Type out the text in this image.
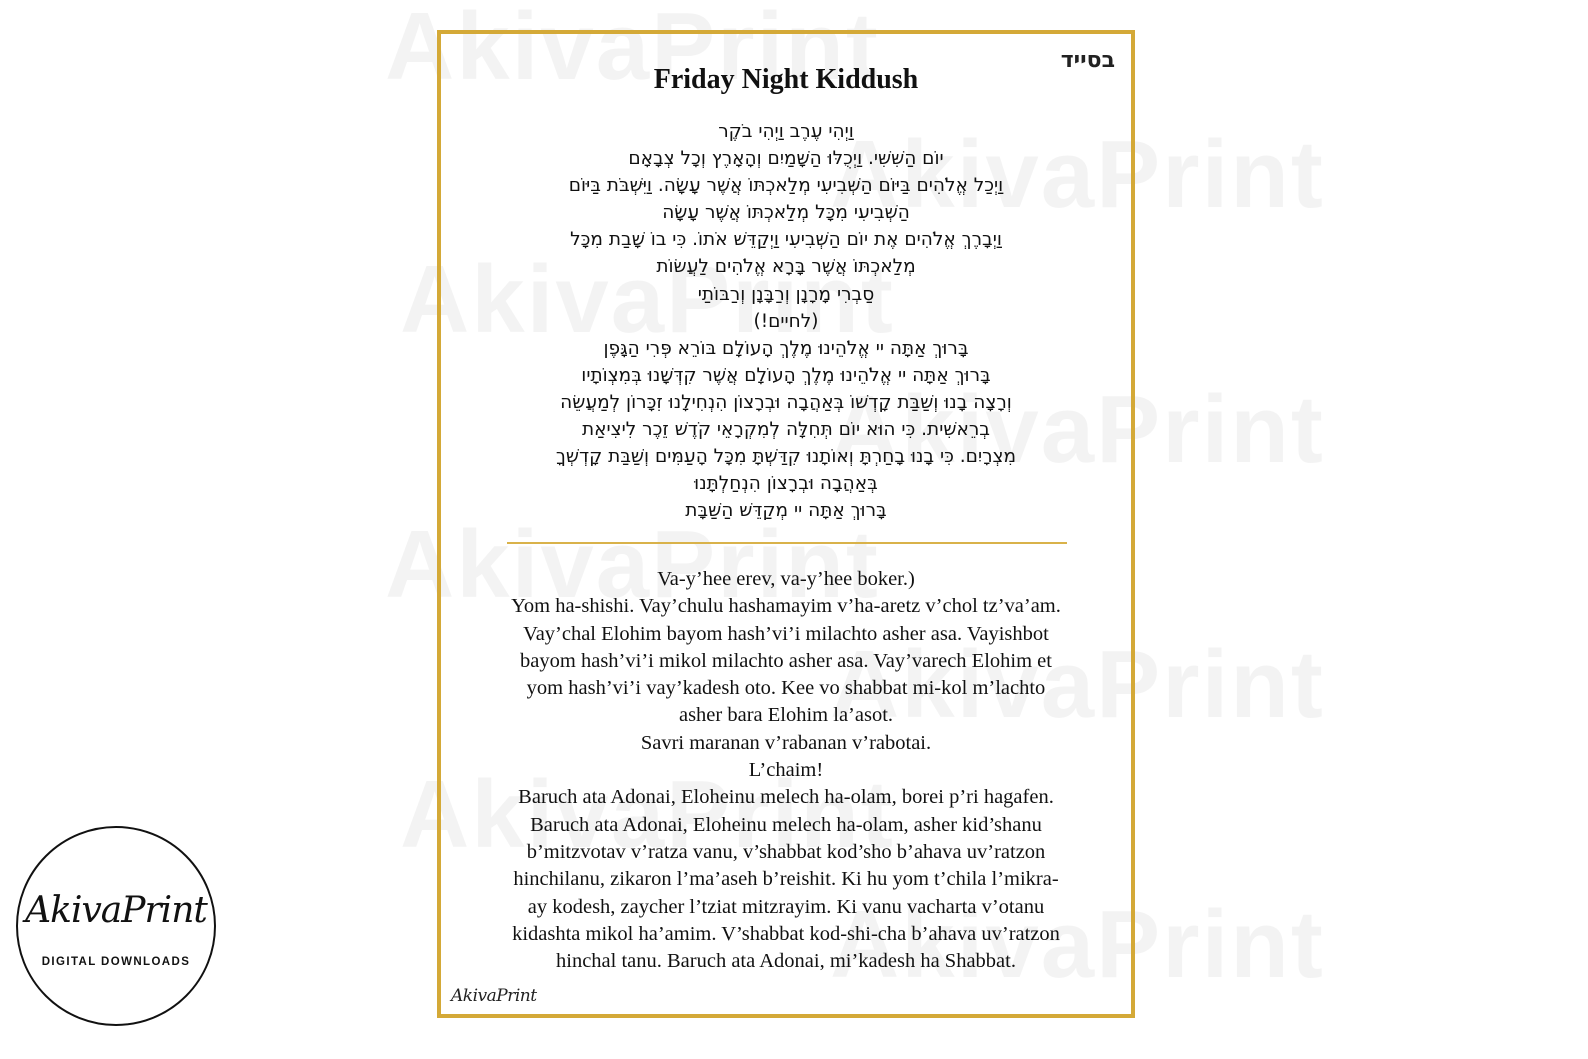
בסייד
Friday Night Kiddush
וַיְהִי עֶרֶב וַיְהִי בֹקֶר
יוֹם הַשִּׁשִּׁי. וַיְכֻלּוּ הַשָּׁמַיִם וְהָאָרֶץ וְכָל צְבָאָם
וַיְכַל אֱלֹהִים בַּיּוֹם הַשְּׁבִיעִי מְלַאכְתּוֹ אֲשֶׁר עָשָׂה. וַיִּשְׁבֹּת בַּיּוֹם
הַשְּׁבִיעִי מִכָּל מְלַאכְתּוֹ אֲשֶׁר עָשָׂה
וַיְבָרֶךְ אֱלֹהִים אֶת יוֹם הַשְּׁבִיעִי וַיְקַדֵּשׁ אֹתוֹ. כִּי בוֹ שָׁבַת מִכָּל
מְלַאכְתּוֹ אֲשֶׁר בָּרָא אֱלֹהִים לַעֲשׂוֹת
סַבְרִי מָרָנָן וְרַבָּנָן וְרַבּוֹתַי
(לחיים!)
בָּרוּךְ אַתָּה יי אֱלֹהֵינוּ מֶלֶךְ הָעוֹלָם בּוֹרֵא פְּרִי הַגָּפֶן
בָּרוּךְ אַתָּה יי אֱלֹהֵינוּ מֶלֶךְ הָעוֹלָם אֲשֶׁר קִדְּשָׁנוּ בְּמִצְוֹתָיו
וְרָצָה בָנוּ וְשַׁבַּת קָדְשׁוֹ בְּאַהֲבָה וּבְרָצוֹן הִנְחִילָנוּ זִכָּרוֹן לְמַעֲשֵׂה
בְרֵאשִׁית. כִּי הוּא יוֹם תְּחִלָּה לְמִקְרָאֵי קֹדֶשׁ זֵכֶר לִיצִיאַת
מִצְרָיִם. כִּי בָנוּ בָחַרְתָּ וְאוֹתָנוּ קִדַּשְׁתָּ מִכָּל הָעַמִּים וְשַׁבַּת קָדְשְׁךָ
בְּאַהֲבָה וּבְרָצוֹן הִנְחַלְתָּנוּ
בָּרוּךְ אַתָּה יי מְקַדֵּשׁ הַשַּׁבָּת
Va-y’hee erev, va-y’hee boker.)
Yom ha-shishi. Vay’chulu hashamayim v’ha-aretz v’chol tz’va’am.
Vay’chal Elohim bayom hash’vi’i milachto asher asa. Vayishbot
bayom hash’vi’i mikol milachto asher asa. Vay’varech Elohim et
yom hash’vi’i vay’kadesh oto. Kee vo shabbat mi-kol m’lachto
asher bara Elohim la’asot.
Savri maranan v’rabanan v’rabotai.
L’chaim!
Baruch ata Adonai, Eloheinu melech ha-olam, borei p’ri hagafen.
Baruch ata Adonai, Eloheinu melech ha-olam, asher kid’shanu
b’mitzvotav v’ratza vanu, v’shabbat kod’sho b’ahava uv’ratzon
hinchilanu, zikaron l’ma’aseh b’reishit. Ki hu yom t’chila l’mikra-
ay kodesh, zaycher l’tziat mitzrayim. Ki vanu vacharta v’otanu
kidashta mikol ha’amim. V’shabbat kod-shi-cha b’ahava uv’ratzon
hinchal tanu. Baruch ata Adonai, mi’kadesh ha Shabbat.
AkivaPrint
AkivaPrint
DIGITAL DOWNLOADS
